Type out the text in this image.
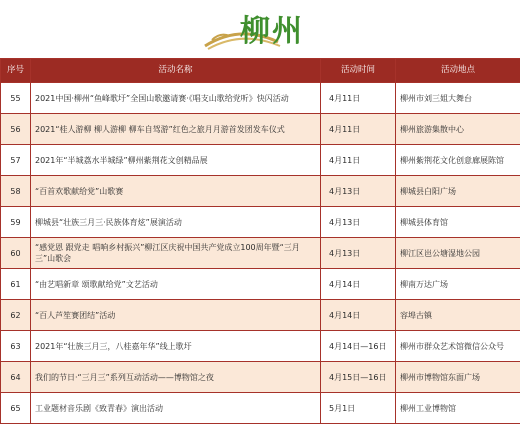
柳州
序号	活动名称	活动时间	活动地点
55	2021中国·柳州“鱼峰歌圩”全国山歌邀请赛·《唱支山歌给党听》快闪活动	4月11日	柳州市刘三姐大舞台
56	2021“桂人游柳 柳人游柳 柳车自驾游”红色之旅月月游首发团发车仪式	4月11日	柳州旅游集散中心
57	2021年“半城荔水半城绿”柳州紫荆花文创精品展	4月11日	柳州紫荆花文化创意廊展陈馆
58	“百首欢歌献给党”山歌赛	4月13日	柳城县白阳广场
59	柳城县“壮族三月三·民族体育炫”展演活动	4月13日	柳城县体育馆
60	“感党恩 跟党走 唱响乡村振兴”柳江区庆祝中国共产党成立100周年暨“三月三”山歌会	4月13日	柳江区岜公塘湿地公园
61	“由艺唱新章 颂歌献给党”文艺活动	4月14日	柳南万达广场
62	“百人芦笙赛团结”活动	4月14日	容埠古镇
63	2021年“壮族三月三，八桂嘉年华”线上歌圩	4月14日—16日	柳州市群众艺术馆微信公众号
64	我们的节日·“三月三”系列互动活动——博物馆之夜	4月15日—16日	柳州市博物馆东面广场
65	工业题材音乐剧《致青春》演出活动	5月1日	柳州工业博物馆
